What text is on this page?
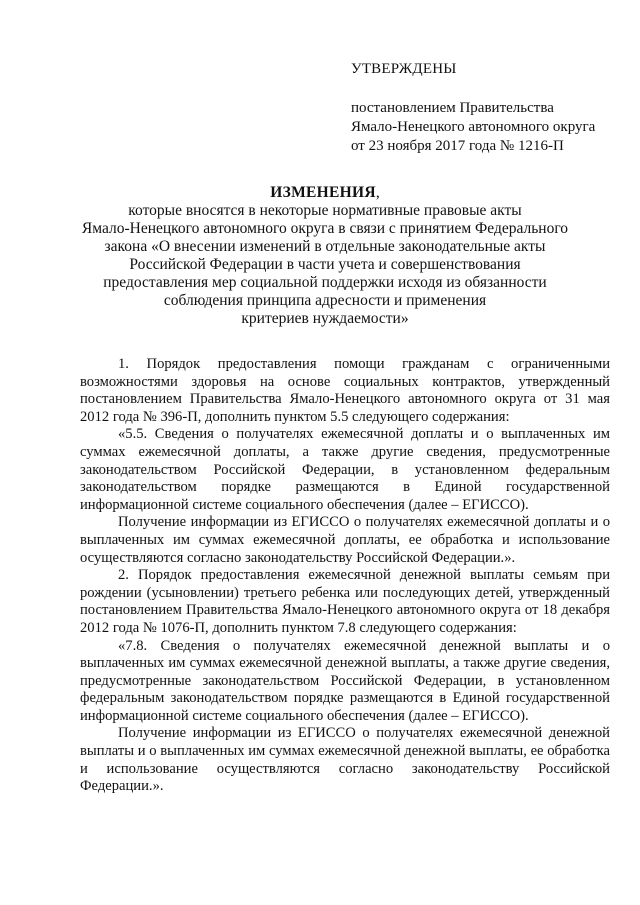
УТВЕРЖДЕНЫ
постановлением Правительства
Ямало-Ненецкого автономного округа
от 23 ноября 2017 года № 1216-П
ИЗМЕНЕНИЯ,
которые вносятся в некоторые нормативные правовые акты
Ямало-Ненецкого автономного округа в связи с принятием Федерального
закона «О внесении изменений в отдельные законодательные акты
Российской Федерации в части учета и совершенствования
предоставления мер социальной поддержки исходя из обязанности
соблюдения принципа адресности и применения
критериев нуждаемости»

1. Порядок предоставления помощи гражданам с ограниченными возможностями здоровья на основе социальных контрактов, утвержденный постановлением Правительства Ямало-Ненецкого автономного округа от 31 мая 2012 года № 396-П, дополнить пунктом 5.5 следующего содержания:

«5.5. Сведения о получателях ежемесячной доплаты и о выплаченных им суммах ежемесячной доплаты, а также другие сведения, предусмотренные законодательством Российской Федерации, в установленном федеральным законодательством порядке размещаются в Единой государственной информационной системе социального обеспечения (далее – ЕГИССО).

Получение информации из ЕГИССО о получателях ежемесячной доплаты и о выплаченных им суммах ежемесячной доплаты, ее обработка и использование осуществляются согласно законодательству Российской Федерации.».

2. Порядок предоставления ежемесячной денежной выплаты семьям при рождении (усыновлении) третьего ребенка или последующих детей, утвержденный постановлением Правительства Ямало-Ненецкого автономного округа от 18 декабря 2012 года № 1076-П, дополнить пунктом 7.8 следующего содержания:

«7.8. Сведения о получателях ежемесячной денежной выплаты и о выплаченных им суммах ежемесячной денежной выплаты, а также другие сведения, предусмотренные законодательством Российской Федерации, в установленном федеральным законодательством порядке размещаются в Единой государственной информационной системе социального обеспечения (далее – ЕГИССО).

Получение информации из ЕГИССО о получателях ежемесячной денежной выплаты и о выплаченных им суммах ежемесячной денежной выплаты, ее обработка и использование осуществляются согласно законодательству Российской Федерации.».
